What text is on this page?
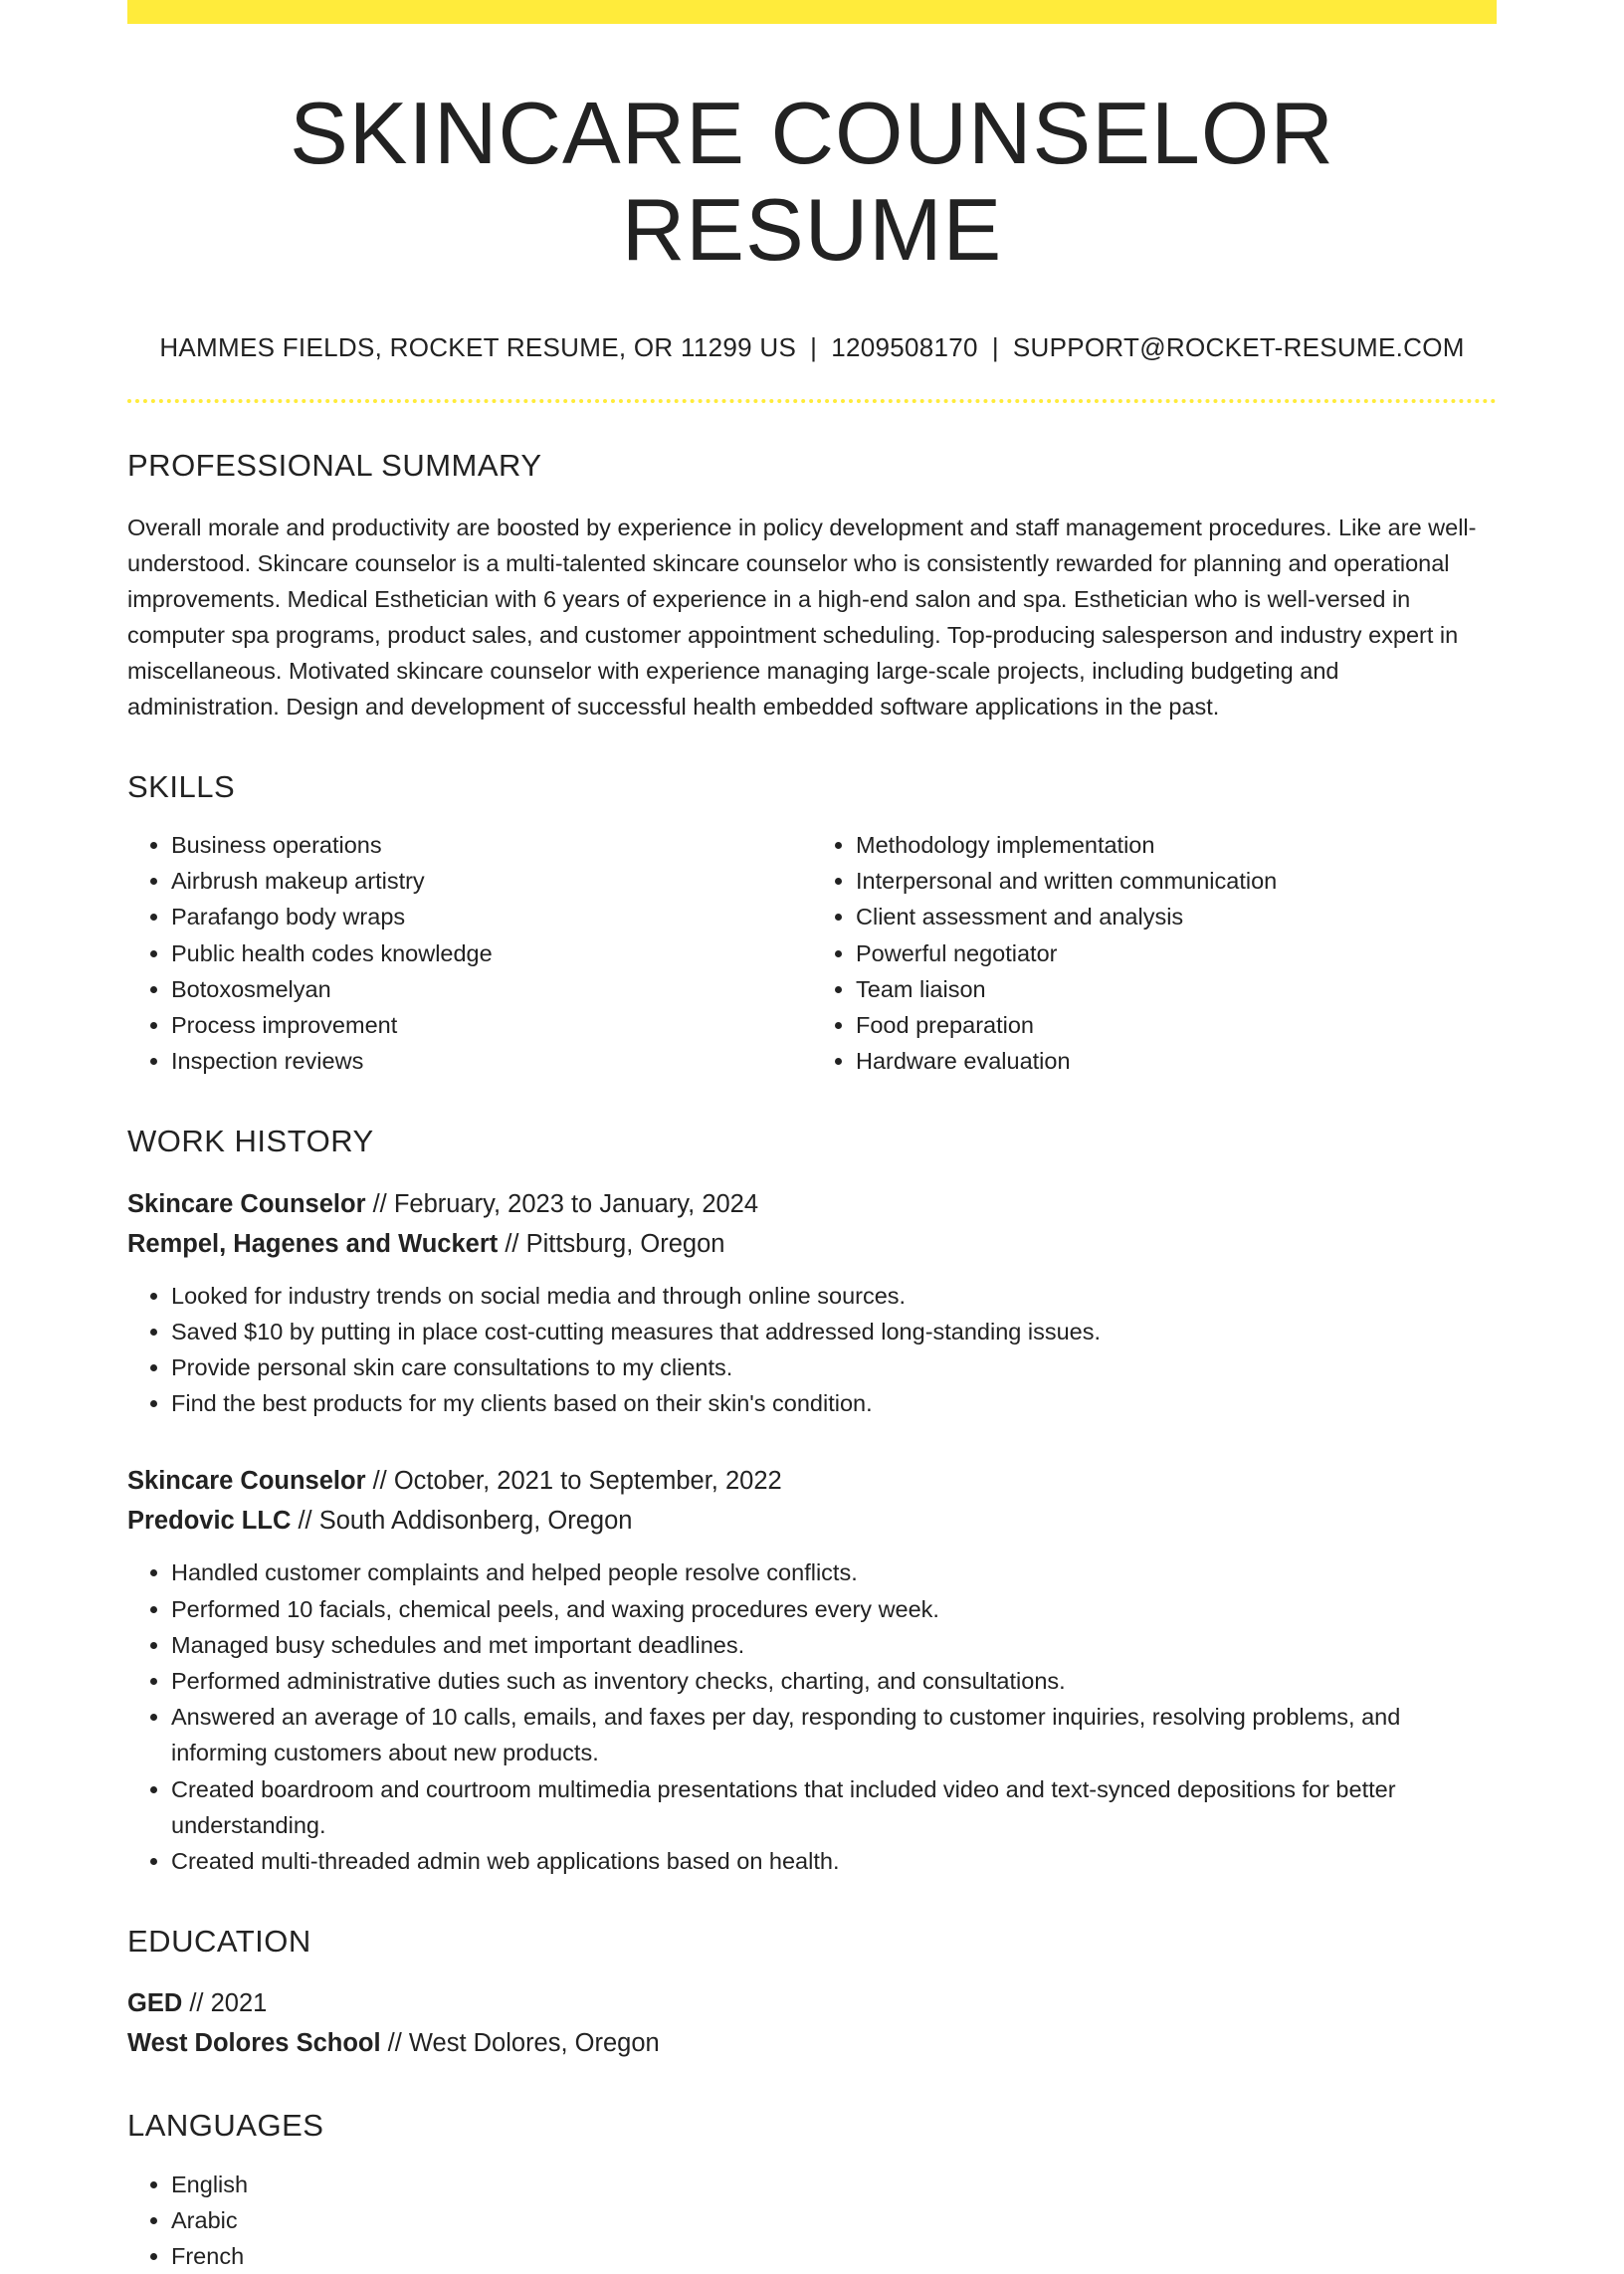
SKINCARE COUNSELOR RESUME
HAMMES FIELDS, ROCKET RESUME, OR 11299 US | 1209508170 | SUPPORT@ROCKET-RESUME.COM
PROFESSIONAL SUMMARY

Overall morale and productivity are boosted by experience in policy development and staff management procedures. Like are well-understood. Skincare counselor is a multi-talented skincare counselor who is consistently rewarded for planning and operational improvements. Medical Esthetician with 6 years of experience in a high-end salon and spa. Esthetician who is well-versed in computer spa programs, product sales, and customer appointment scheduling. Top-producing salesperson and industry expert in miscellaneous. Motivated skincare counselor with experience managing large-scale projects, including budgeting and administration. Design and development of successful health embedded software applications in the past.

SKILLS
• Business operations
• Airbrush makeup artistry
• Parafango body wraps
• Public health codes knowledge
• Botoxosmelyan
• Process improvement
• Inspection reviews
• Methodology implementation
• Interpersonal and written communication
• Client assessment and analysis
• Powerful negotiator
• Team liaison
• Food preparation
• Hardware evaluation
WORK HISTORY
Skincare Counselor // February, 2023 to January, 2024
Rempel, Hagenes and Wuckert // Pittsburg, Oregon
• Looked for industry trends on social media and through online sources.
• Saved $10 by putting in place cost-cutting measures that addressed long-standing issues.
• Provide personal skin care consultations to my clients.
• Find the best products for my clients based on their skin's condition.
Skincare Counselor // October, 2021 to September, 2022
Predovic LLC // South Addisonberg, Oregon
• Handled customer complaints and helped people resolve conflicts.
• Performed 10 facials, chemical peels, and waxing procedures every week.
• Managed busy schedules and met important deadlines.
• Performed administrative duties such as inventory checks, charting, and consultations.
• Answered an average of 10 calls, emails, and faxes per day, responding to customer inquiries, resolving problems, and informing customers about new products.
• Created boardroom and courtroom multimedia presentations that included video and text-synced depositions for better understanding.
• Created multi-threaded admin web applications based on health.
EDUCATION
GED // 2021
West Dolores School // West Dolores, Oregon
LANGUAGES
• English
• Arabic
• French
